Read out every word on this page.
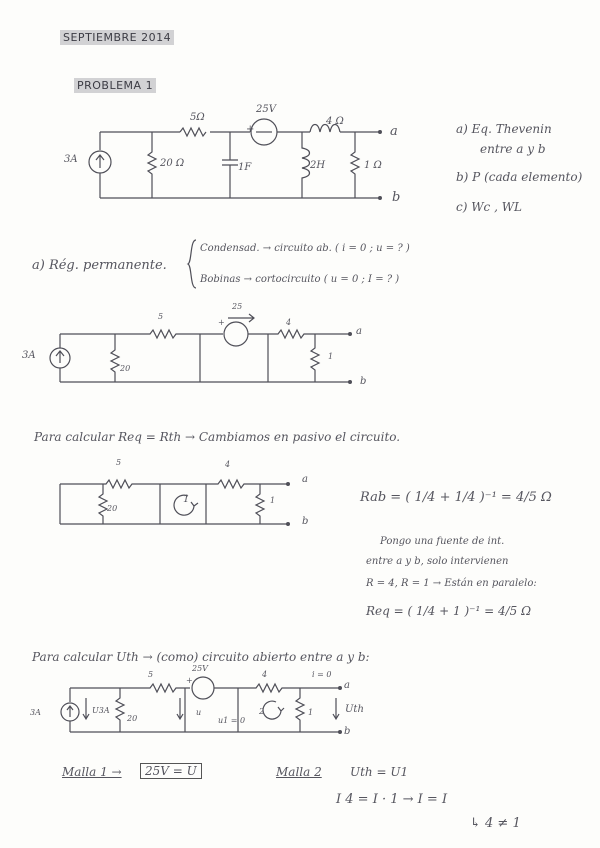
SEPTIEMBRE 2014
PROBLEMA 1
3A	20 Ω
5Ω
25V
+
1F
4 Ω
2H	1 Ω
a
b
a) Eq. Thevenin
entre a y b
b) P (cada elemento)
c) Wc , WL
a) Rég. permanente.
Condensad. → circuito ab. ( i = 0 ; u = ? )
Bobinas → cortocircuito ( u = 0 ; I = ? )
3A
20
5
25
+	4
1
a
b
Para calcular Req = Rth → Cambiamos en pasivo el circuito.
5
20
4
1
1
a
b
Rab = ( 1/4 + 1/4 )⁻¹ = 4/5 Ω
Pongo una fuente de int.
entre a y b, solo intervienen
R = 4, R = 1 → Están en paralelo:
Req = ( 1/4 + 1 )⁻¹ = 4/5 Ω
Para calcular Uth → (como) circuito abierto entre a y b:
3A	U3A
20
5
25V
+
u
u1 = 0
4	i = 0
2	1
a
b
Uth
Malla 1 →	25V = U	Malla 2 Uth = U1
I 4 = I · 1 → I = I
↳ 4 ≠ 1
